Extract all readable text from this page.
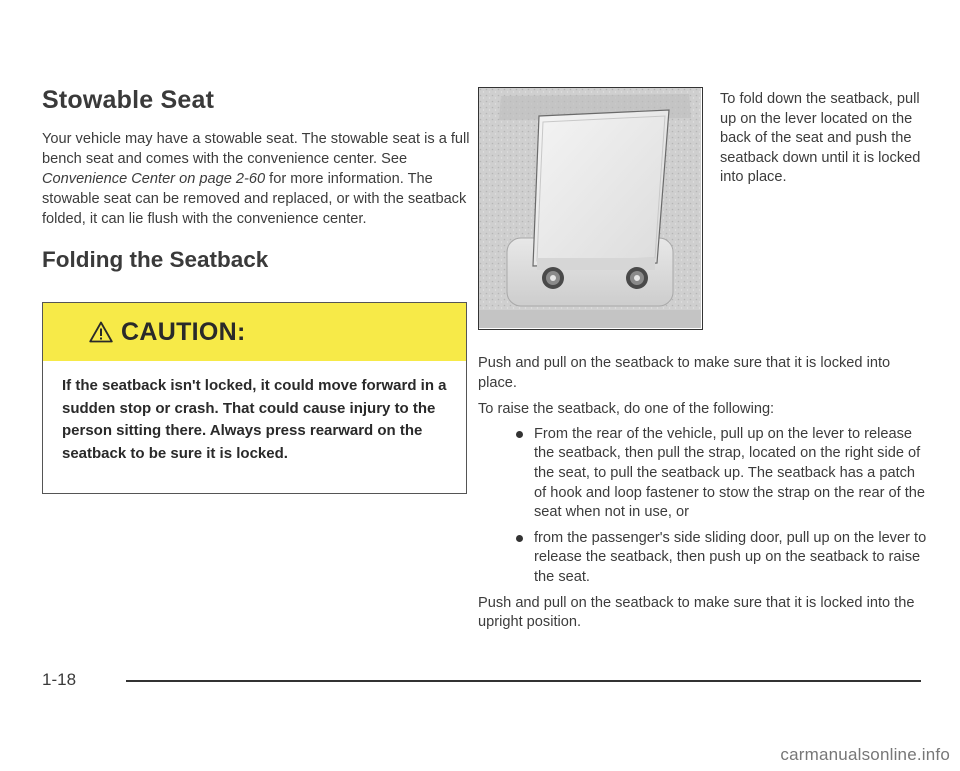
Stowable Seat

Your vehicle may have a stowable seat. The stowable seat is a full bench seat and comes with the convenience center. See Convenience Center on page 2-60 for more information. The stowable seat can be removed and replaced, or with the seatback folded, it can lie flush with the convenience center.

Folding the Seatback
CAUTION:
If the seatback isn't locked, it could move forward in a sudden stop or crash. That could cause injury to the person sitting there. Always press rearward on the seatback to be sure it is locked.
To fold down the seatback, pull up on the lever located on the back of the seat and push the seatback down until it is locked into place.

Push and pull on the seatback to make sure that it is locked into place.

To raise the seatback, do one of the following:

From the rear of the vehicle, pull up on the lever to release the seatback, then pull the strap, located on the right side of the seat, to pull the seatback up. The seatback has a patch of hook and loop fastener to stow the strap on the rear of the seat when not in use, or
from the passenger's side sliding door, pull up on the lever to release the seatback, then push up on the seatback to raise the seat.

Push and pull on the seatback to make sure that it is locked into the upright position.

1-18
carmanualsonline.info
